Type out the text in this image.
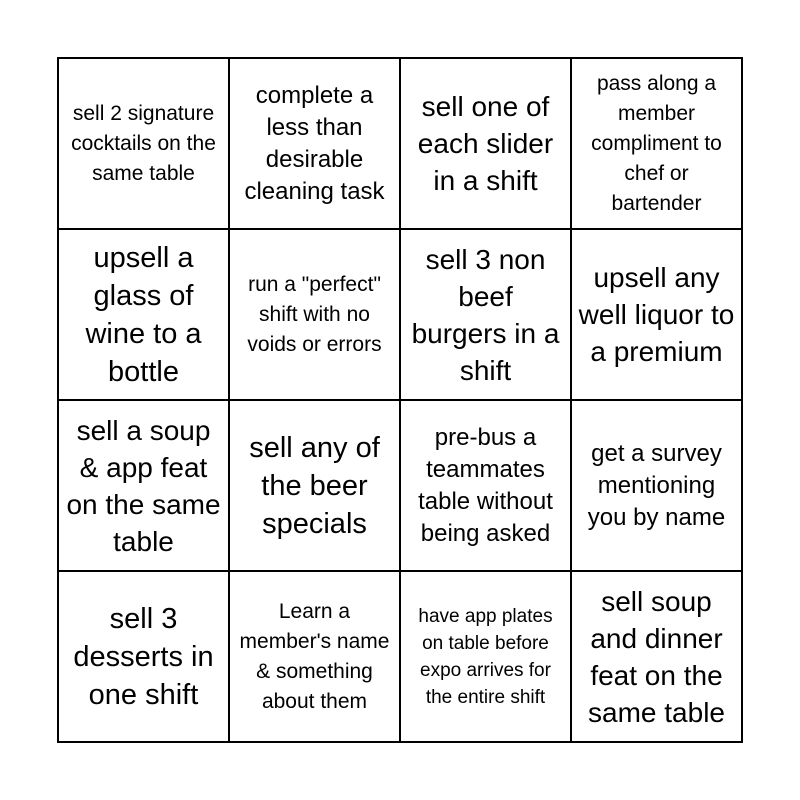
sell 2 signature cocktails on the same table
complete a less than desirable cleaning task
sell one of each slider in a shift
pass along a member compliment to chef or bartender
upsell a glass of wine to a bottle
run a "perfect" shift with no voids or errors
sell 3 non beef burgers in a shift
upsell any well liquor to a premium
sell a soup & app feat on the same table
sell any of the beer specials
pre-bus a teammates table without being asked
get a survey mentioning you by name
sell 3 desserts in one shift
Learn a member's name & something about them
have app plates on table before expo arrives for the entire shift
sell soup and dinner feat on the same table
